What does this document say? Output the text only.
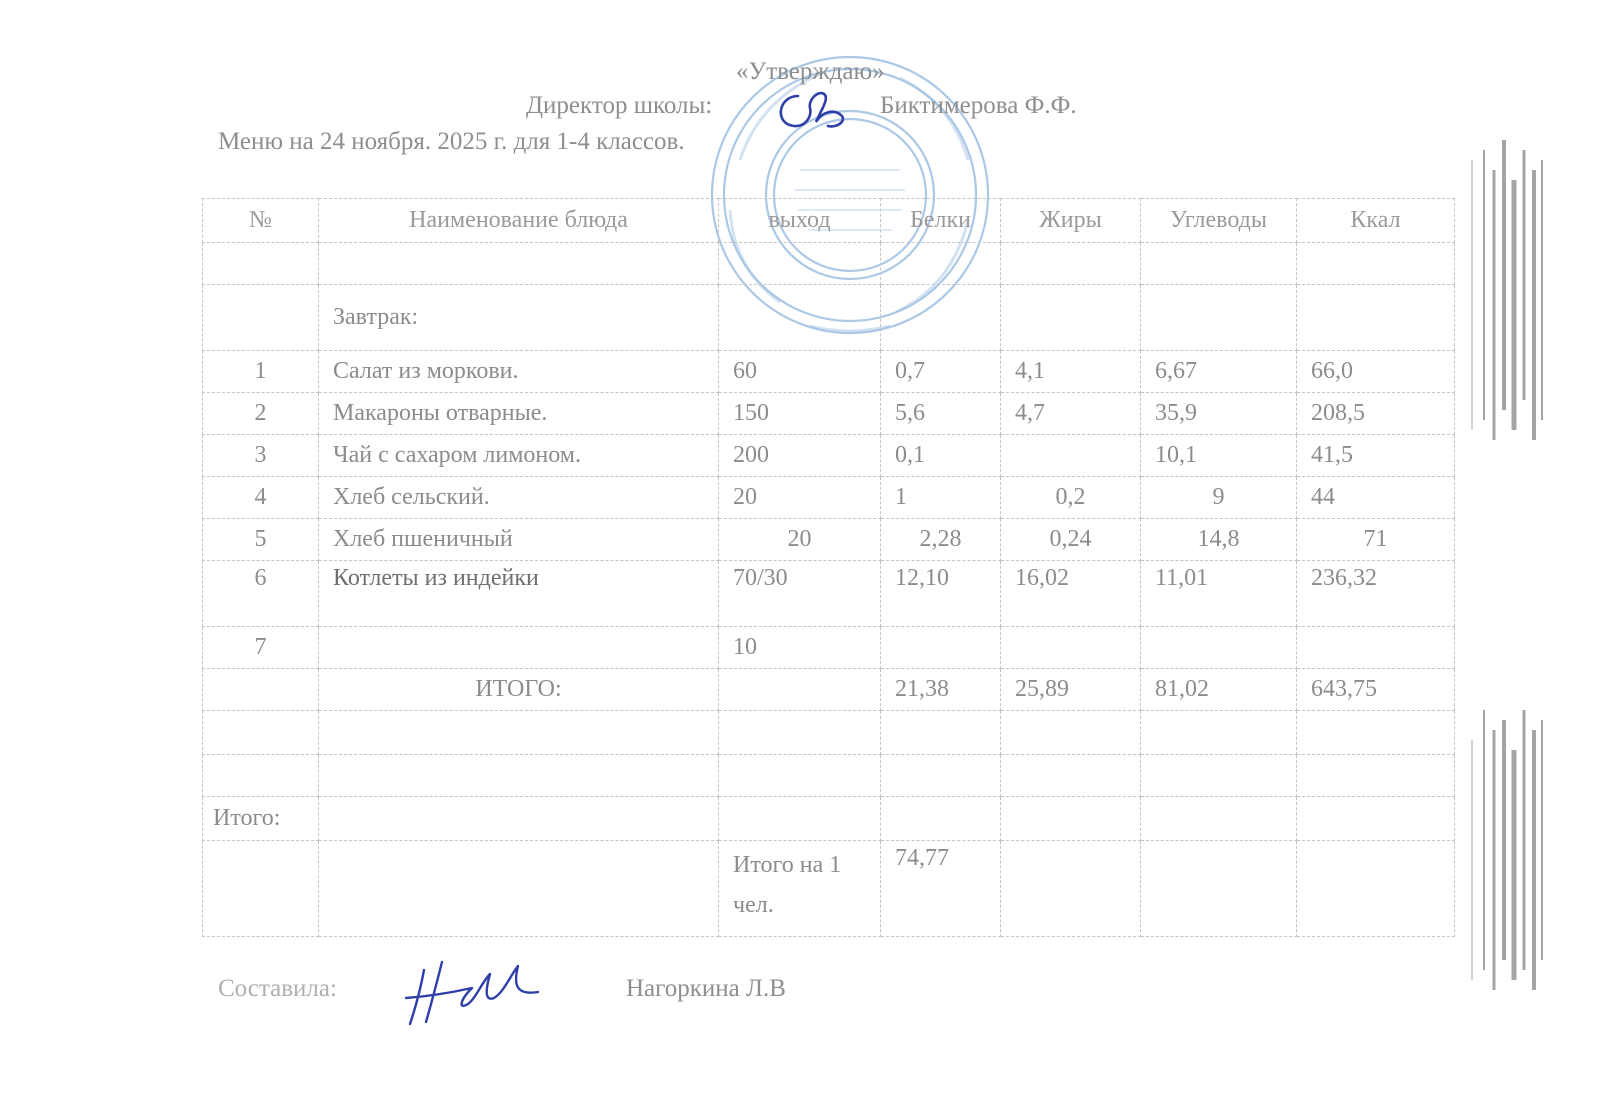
«Утверждаю»
Директор школы:	Биктимерова Ф.Ф.
Меню на 24 ноября. 2025 г. для 1-4 классов.
№	Наименование блюда	выход	Белки	Жиры	Углеводы	Ккал

	Завтрак:					
1	Салат из моркови.	60	0,7	4,1	6,67	66,0
2	Макароны отварные.	150	5,6	4,7	35,9	208,5
3	Чай с сахаром лимоном.	200	0,1		10,1	41,5
4	Хлеб сельский.	20	1	0,2	9	44
5	Хлеб пшеничный	20	2,28	0,24	14,8	71
6	Котлеты из индейки	70/30	12,10	16,02	11,01	236,32
7		10				
	ИТОГО:		21,38	25,89	81,02	643,75

Итого:						
		Итого на 1 чел.	74,77			
Составила:	Нагоркина Л.В
